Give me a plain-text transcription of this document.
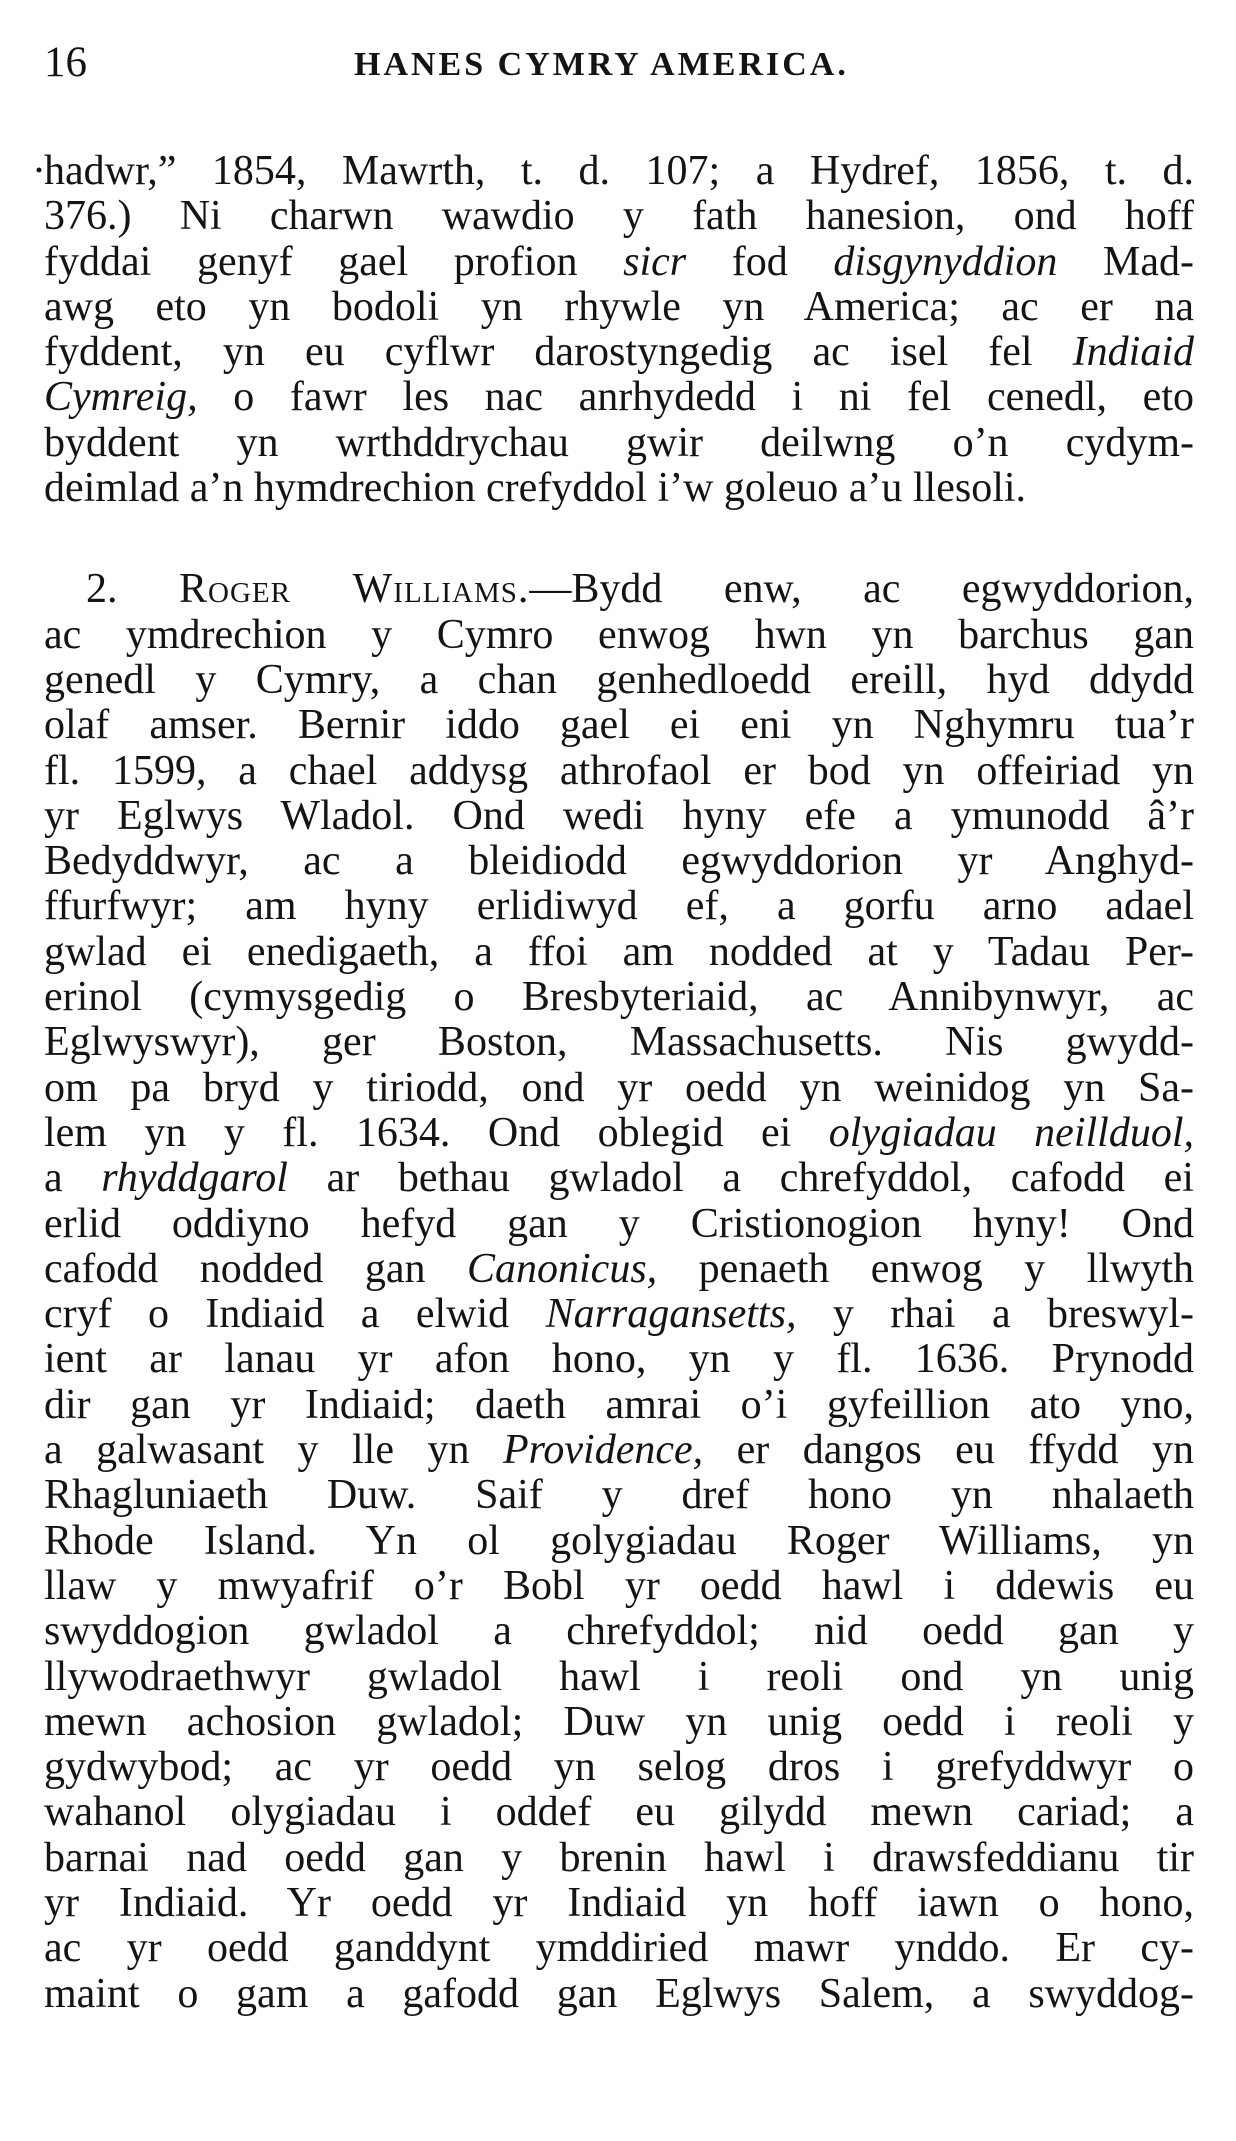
16	HANES CYMRY AMERICA.
·
hadwr,” 1854, Mawrth, t. d. 107; a Hydref, 1856, t. d.
376.) Ni charwn wawdio y fath hanesion, ond hoff
fyddai genyf gael profion sicr fod disgynyddion Mad-
awg eto yn bodoli yn rhywle yn America; ac er na
fyddent, yn eu cyflwr darostyngedig ac isel fel Indiaid
Cymreig, o fawr les nac anrhydedd i ni fel cenedl, eto
byddent yn wrthddrychau gwir deilwng o’n cydym-
deimlad a’n hymdrechion crefyddol i’w goleuo a’u llesoli.
2. Roger Williams.—Bydd enw, ac egwyddorion,
ac ymdrechion y Cymro enwog hwn yn barchus gan
genedl y Cymry, a chan genhedloedd ereill, hyd ddydd
olaf amser. Bernir iddo gael ei eni yn Nghymru tua’r
fl. 1599, a chael addysg athrofaol er bod yn offeiriad yn
yr Eglwys Wladol. Ond wedi hyny efe a ymunodd â’r
Bedyddwyr, ac a bleidiodd egwyddorion yr Anghyd-
ffurfwyr; am hyny erlidiwyd ef, a gorfu arno adael
gwlad ei enedigaeth, a ffoi am nodded at y Tadau Per-
erinol (cymysgedig o Bresbyteriaid, ac Annibynwyr, ac
Eglwyswyr), ger Boston, Massachusetts. Nis gwydd-
om pa bryd y tiriodd, ond yr oedd yn weinidog yn Sa-
lem yn y fl. 1634. Ond oblegid ei olygiadau neillduol,
a rhyddgarol ar bethau gwladol a chrefyddol, cafodd ei
erlid oddiyno hefyd gan y Cristionogion hyny! Ond
cafodd nodded gan Canonicus, penaeth enwog y llwyth
cryf o Indiaid a elwid Narragansetts, y rhai a breswyl-
ient ar lanau yr afon hono, yn y fl. 1636. Prynodd
dir gan yr Indiaid; daeth amrai o’i gyfeillion ato yno,
a galwasant y lle yn Providence, er dangos eu ffydd yn
Rhagluniaeth Duw. Saif y dref hono yn nhalaeth
Rhode Island. Yn ol golygiadau Roger Williams, yn
llaw y mwyafrif o’r Bobl yr oedd hawl i ddewis eu
swyddogion gwladol a chrefyddol; nid oedd gan y
llywodraethwyr gwladol hawl i reoli ond yn unig
mewn achosion gwladol; Duw yn unig oedd i reoli y
gydwybod; ac yr oedd yn selog dros i grefyddwyr o
wahanol olygiadau i oddef eu gilydd mewn cariad; a
barnai nad oedd gan y brenin hawl i drawsfeddianu tir
yr Indiaid. Yr oedd yr Indiaid yn hoff iawn o hono,
ac yr oedd ganddynt ymddiried mawr ynddo. Er cy-
maint o gam a gafodd gan Eglwys Salem, a swyddog-
